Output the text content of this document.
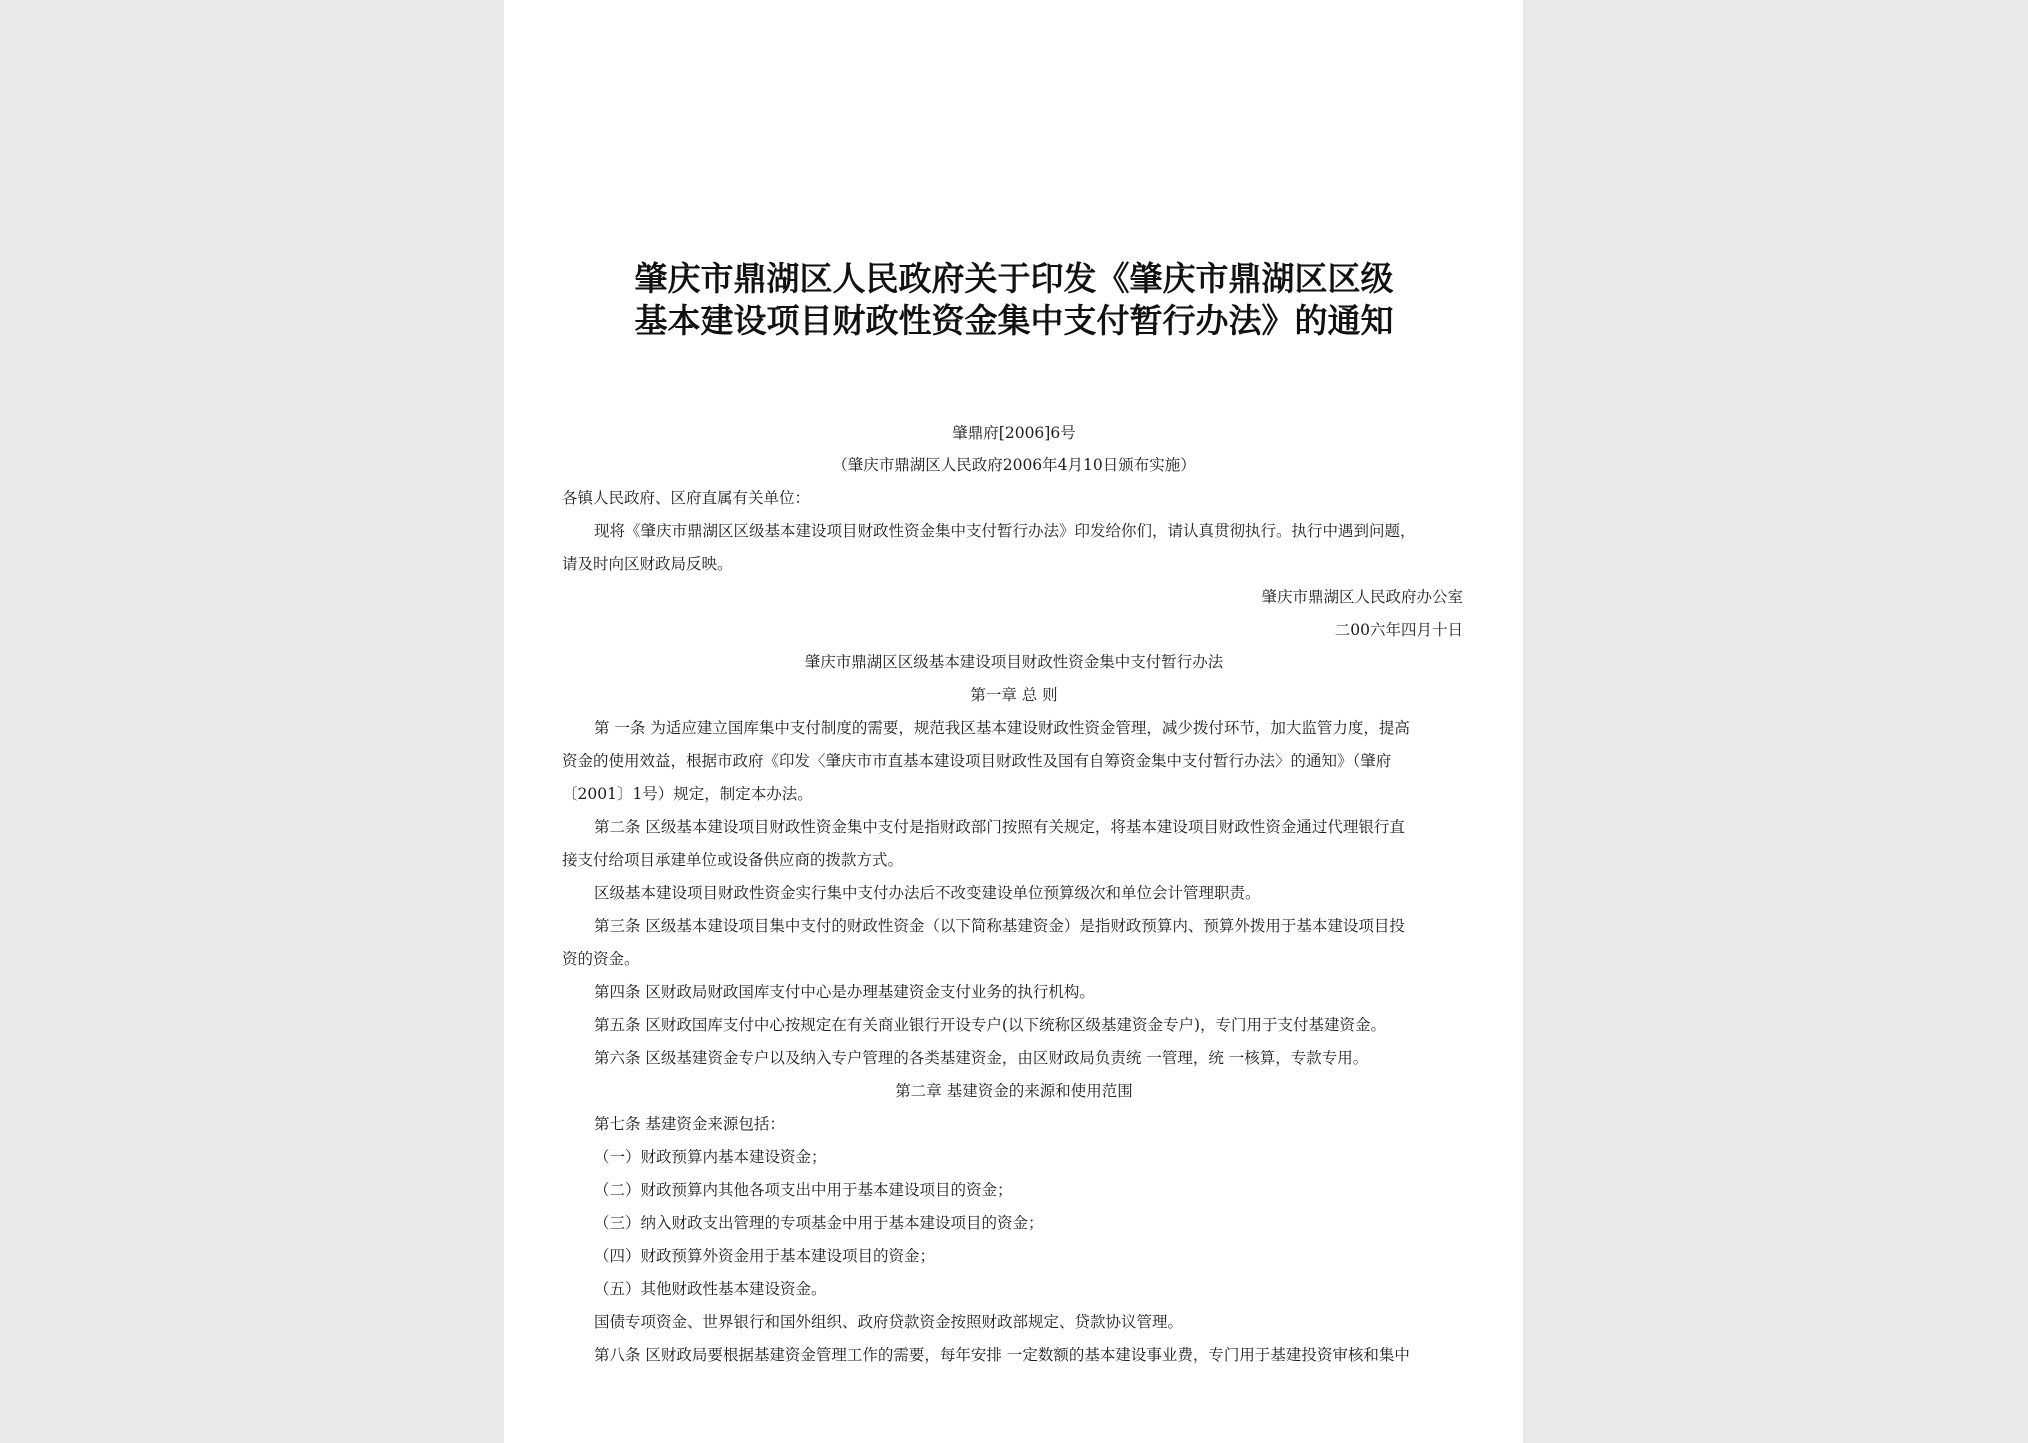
肇庆市鼎湖区人民政府关于印发《肇庆市鼎湖区区级
基本建设项目财政性资金集中支付暂行办法》的通知
肇鼎府[2006]6号
（肇庆市鼎湖区人民政府2006年4月10日颁布实施）
各镇人民政府、区府直属有关单位：
现将《肇庆市鼎湖区区级基本建设项目财政性资金集中支付暂行办法》印发给你们，请认真贯彻执行。执行中遇到问题，
请及时向区财政局反映。
肇庆市鼎湖区人民政府办公室
二00六年四月十日
肇庆市鼎湖区区级基本建设项目财政性资金集中支付暂行办法
第一章 总 则
第 一条 为适应建立国库集中支付制度的需要，规范我区基本建设财政性资金管理，减少拨付环节，加大监管力度，提高
资金的使用效益，根据市政府《印发〈肇庆市市直基本建设项目财政性及国有自筹资金集中支付暂行办法〉的通知》（肇府
〔2001〕1号）规定，制定本办法。
第二条 区级基本建设项目财政性资金集中支付是指财政部门按照有关规定，将基本建设项目财政性资金通过代理银行直
接支付给项目承建单位或设备供应商的拨款方式。
区级基本建设项目财政性资金实行集中支付办法后不改变建设单位预算级次和单位会计管理职责。
第三条 区级基本建设项目集中支付的财政性资金（以下简称基建资金）是指财政预算内、预算外拨用于基本建设项目投
资的资金。
第四条 区财政局财政国库支付中心是办理基建资金支付业务的执行机构。
第五条 区财政国库支付中心按规定在有关商业银行开设专户(以下统称区级基建资金专户)，专门用于支付基建资金。
第六条 区级基建资金专户以及纳入专户管理的各类基建资金，由区财政局负责统 一管理，统 一核算，专款专用。
第二章 基建资金的来源和使用范围
第七条 基建资金来源包括：
（一）财政预算内基本建设资金；
（二）财政预算内其他各项支出中用于基本建设项目的资金；
（三）纳入财政支出管理的专项基金中用于基本建设项目的资金；
（四）财政预算外资金用于基本建设项目的资金；
（五）其他财政性基本建设资金。
国债专项资金、世界银行和国外组织、政府贷款资金按照财政部规定、贷款协议管理。
第八条 区财政局要根据基建资金管理工作的需要，每年安排 一定数额的基本建设事业费，专门用于基建投资审核和集中
